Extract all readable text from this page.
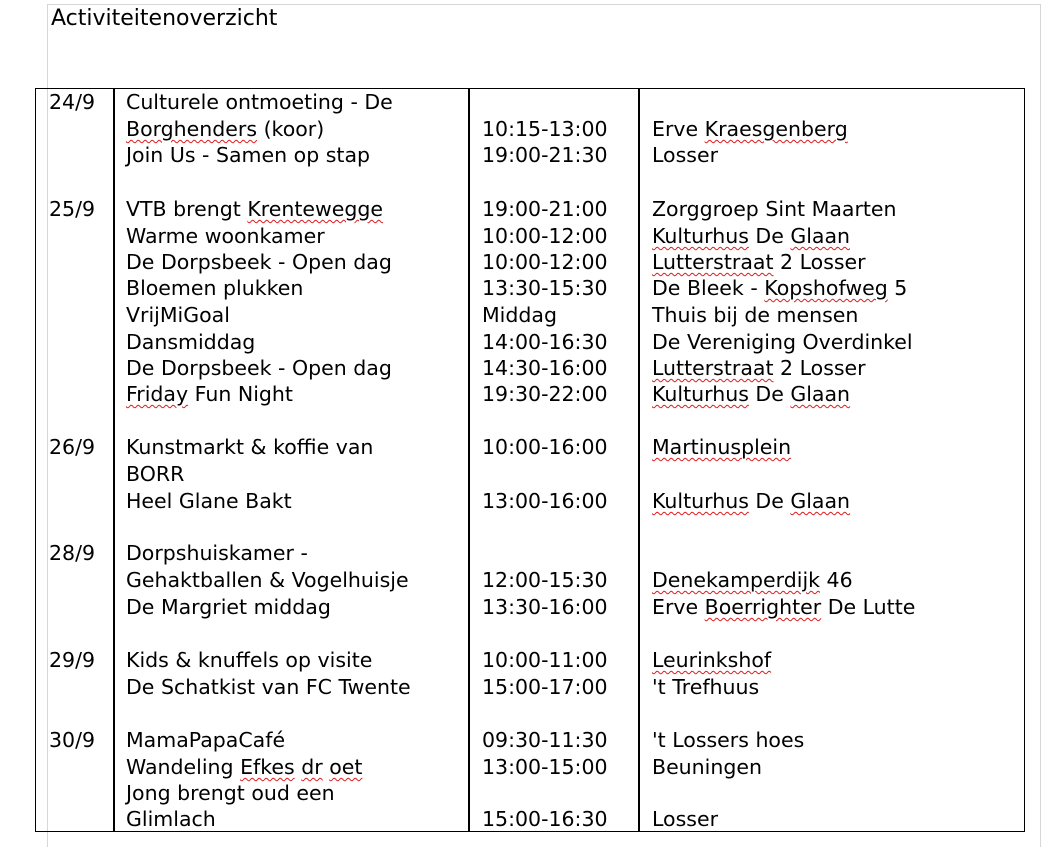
Activiteitenoverzicht
24/9 Culturele ontmoeting - De
Borghenders (koor)	10:15-13:00 Erve Kraesgenberg
Join Us - Samen op stap	19:00-21:30 Losser
25/9 VTB brengt Krentewegge	19:00-21:00 Zorggroep Sint Maarten
Warme woonkamer	10:00-12:00 Kulturhus De Glaan
De Dorpsbeek - Open dag	10:00-12:00 Lutterstraat 2 Losser
Bloemen plukken	13:30-15:30 De Bleek - Kopshofweg 5
VrijMiGoal	Middag	Thuis bij de mensen
Dansmiddag	14:00-16:30 De Vereniging Overdinkel
De Dorpsbeek - Open dag	14:30-16:00 Lutterstraat 2 Losser
Friday Fun Night	19:30-22:00 Kulturhus De Glaan
26/9 Kunstmarkt & koffie van	10:00-16:00 Martinusplein
BORR
Heel Glane Bakt	13:00-16:00 Kulturhus De Glaan
28/9 Dorpshuiskamer -
Gehaktballen & Vogelhuisje	12:00-15:30 Denekamperdijk 46
De Margriet middag	13:30-16:00 Erve Boerrighter De Lutte
29/9 Kids & knuffels op visite	10:00-11:00 Leurinkshof
De Schatkist van FC Twente	15:00-17:00 't Trefhuus
30/9 MamaPapaCafé	09:30-11:30 't Lossers hoes
Wandeling Efkes dr oet	13:00-15:00 Beuningen
Jong brengt oud een
Glimlach	15:00-16:30 Losser
